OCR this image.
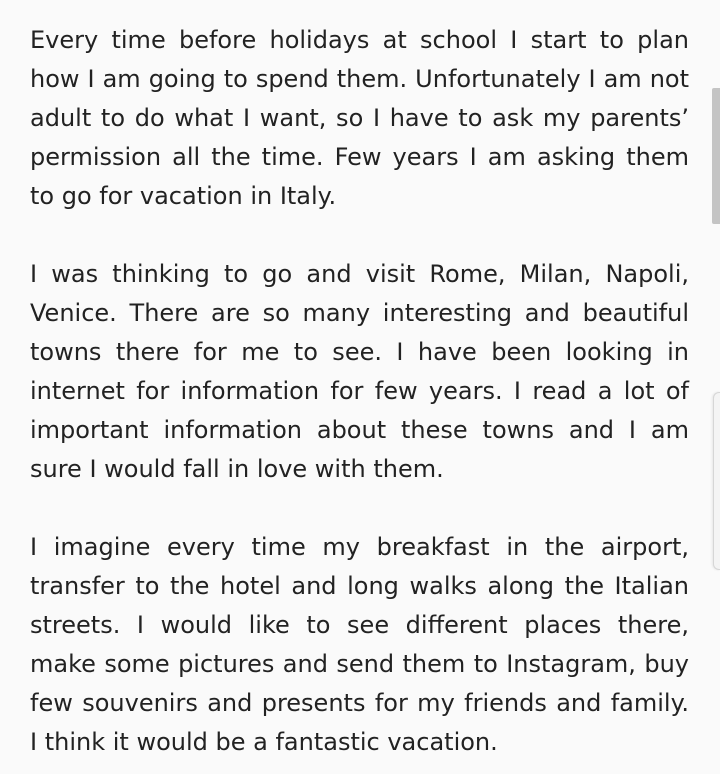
Every time before holidays at school I start to plan how I am going to spend them. Unfortunately I am not adult to do what I want, so I have to ask my parents’ permission all the time. Few years I am asking them to go for vacation in Italy.

I was thinking to go and visit Rome, Milan, Napoli, Venice. There are so many interesting and beautiful towns there for me to see. I have been looking in internet for information for few years. I read a lot of important information about these towns and I am sure I would fall in love with them.

I imagine every time my breakfast in the airport, transfer to the hotel and long walks along the Italian streets. I would like to see different places there, make some pictures and send them to Instagram, buy few souvenirs and presents for my friends and family. I think it would be a fantastic vacation.
